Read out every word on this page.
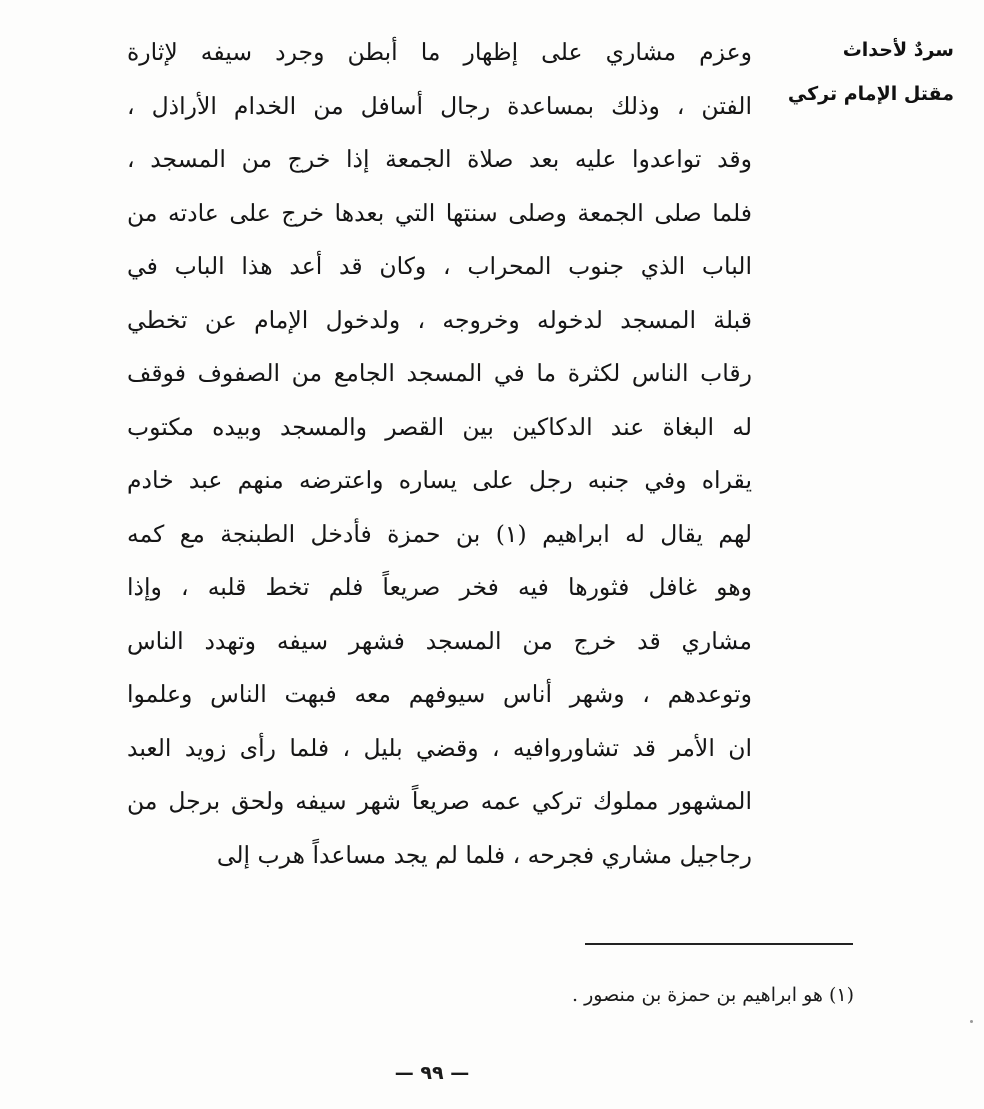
سردٌ لأحداث
مقتل الإمام تركي
وعزم مشاري على إظهار ما أبطن وجرد سيفه لإثارة
الفتن ، وذلك بمساعدة رجال أسافل من الخدام الأراذل ،
وقد تواعدوا عليه بعد صلاة الجمعة إذا خرج من المسجد ،
فلما صلى الجمعة وصلى سنتها التي بعدها خرج على عادته من
الباب الذي جنوب المحراب ، وكان قد أعد هذا الباب في
قبلة المسجد لدخوله وخروجه ، ولدخول الإمام عن تخطي
رقاب الناس لكثرة ما في المسجد الجامع من الصفوف فوقف
له البغاة عند الدكاكين بين القصر والمسجد وبيده مكتوب
يقراه وفي جنبه رجل على يساره واعترضه منهم عبد خادم
لهم يقال له ابراهيم (١) بن حمزة فأدخل الطبنجة مع كمه
وهو غافل فثورها فيه فخر صريعاً فلم تخط قلبه ، وإذا
مشاري قد خرج من المسجد فشهر سيفه وتهدد الناس
وتوعدهم ، وشهر أناس سيوفهم معه فبهت الناس وعلموا
ان الأمر قد تشاوروافيه ، وقضي بليل ، فلما رأى زويد العبد
المشهور مملوك تركي عمه صريعاً شهر سيفه ولحق برجل من
رجاجيل مشاري فجرحه ، فلما لم يجد مساعداً هرب إلى
(١) هو ابراهيم بن حمزة بن منصور .
— ٩٩ —
